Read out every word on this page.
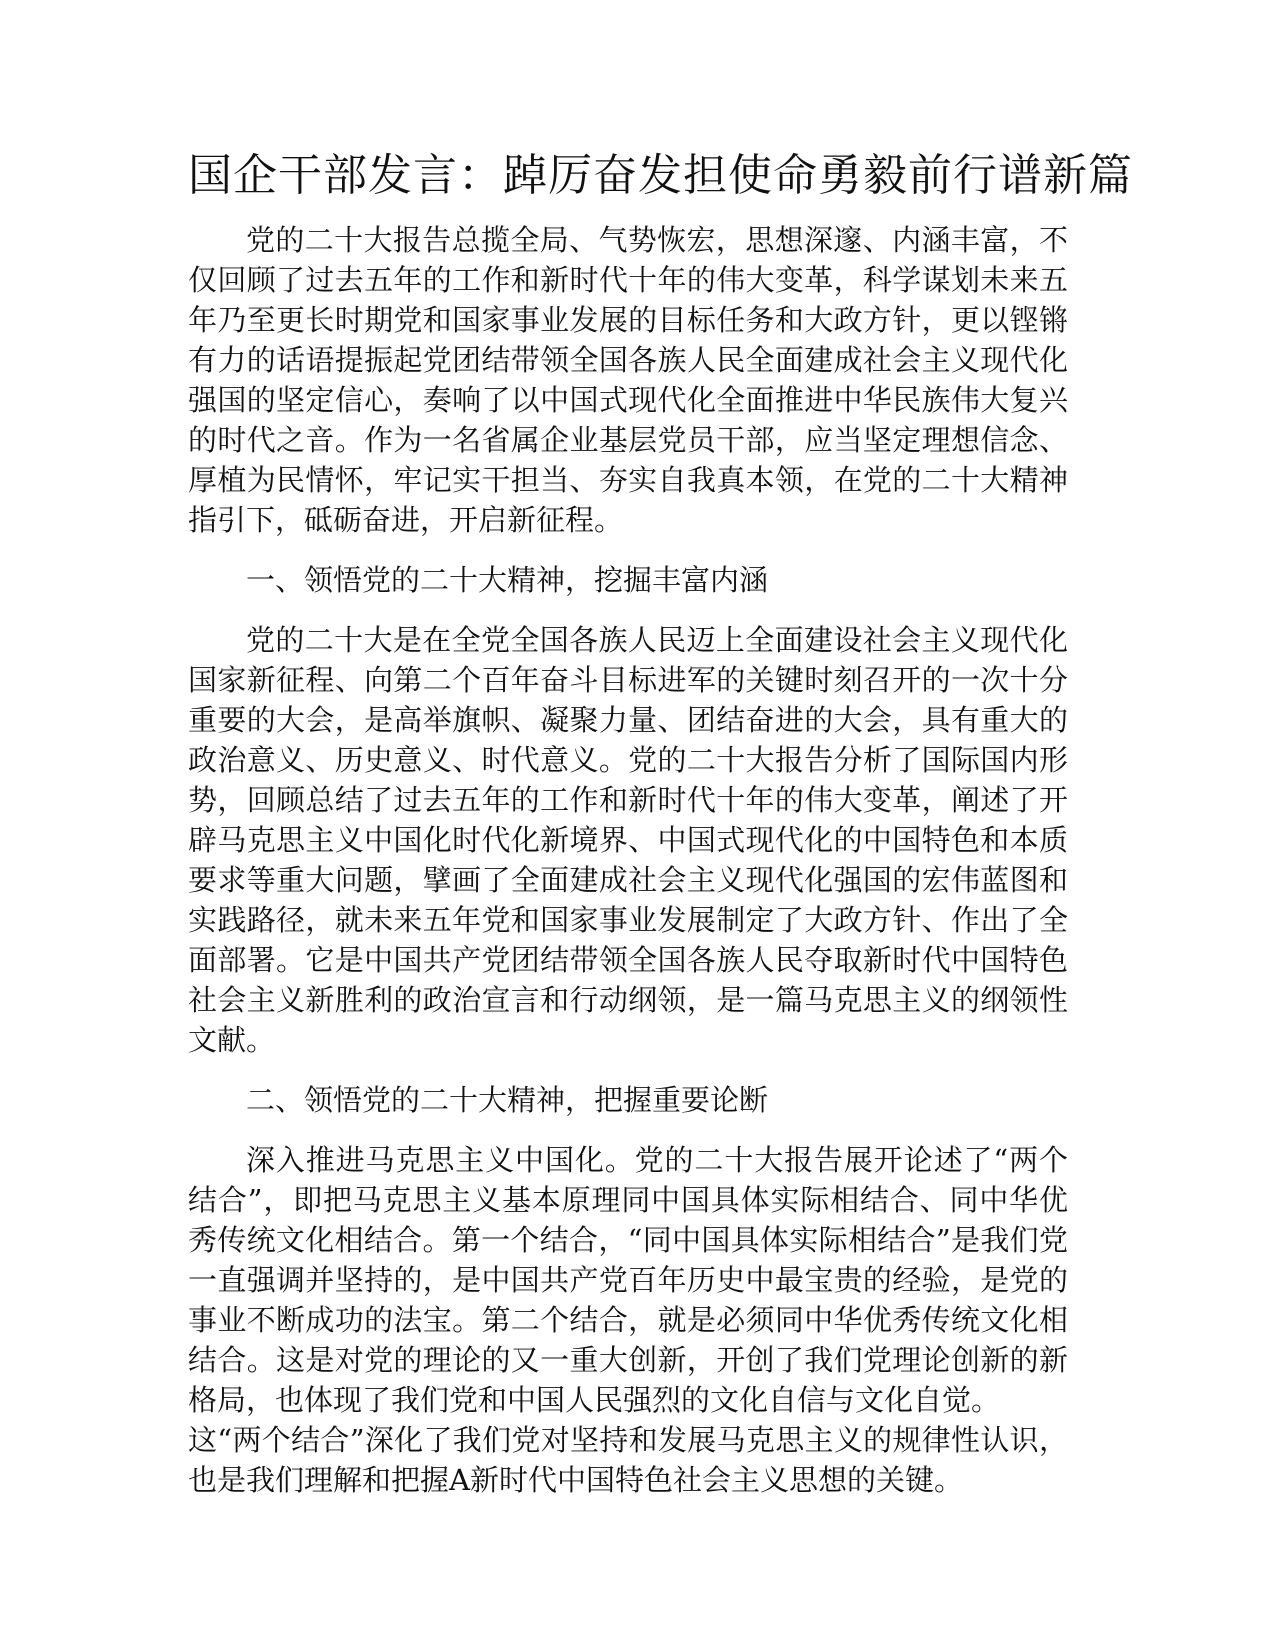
国企干部发言：踔厉奋发担使命勇毅前行谱新篇

党的二十大报告总揽全局、气势恢宏，思想深邃、内涵丰富，不仅回顾了过去五年的工作和新时代十年的伟大变革，科学谋划未来五年乃至更长时期党和国家事业发展的目标任务和大政方针，更以铿锵有力的话语提振起党团结带领全国各族人民全面建成社会主义现代化强国的坚定信心，奏响了以中国式现代化全面推进中华民族伟大复兴的时代之音。作为一名省属企业基层党员干部，应当坚定理想信念、厚植为民情怀，牢记实干担当、夯实自我真本领，在党的二十大精神指引下，砥砺奋进，开启新征程。

一、领悟党的二十大精神，挖掘丰富内涵

党的二十大是在全党全国各族人民迈上全面建设社会主义现代化国家新征程、向第二个百年奋斗目标进军的关键时刻召开的一次十分重要的大会，是高举旗帜、凝聚力量、团结奋进的大会，具有重大的政治意义、历史意义、时代意义。党的二十大报告分析了国际国内形势，回顾总结了过去五年的工作和新时代十年的伟大变革，阐述了开辟马克思主义中国化时代化新境界、中国式现代化的中国特色和本质要求等重大问题，擘画了全面建成社会主义现代化强国的宏伟蓝图和实践路径，就未来五年党和国家事业发展制定了大政方针、作出了全面部署。它是中国共产党团结带领全国各族人民夺取新时代中国特色社会主义新胜利的政治宣言和行动纲领，是一篇马克思主义的纲领性文献。

二、领悟党的二十大精神，把握重要论断

深入推进马克思主义中国化。党的二十大报告展开论述了“两个结合”，即把马克思主义基本原理同中国具体实际相结合、同中华优秀传统文化相结合。第一个结合，“同中国具体实际相结合”是我们党一直强调并坚持的，是中国共产党百年历史中最宝贵的经验，是党的事业不断成功的法宝。第二个结合，就是必须同中华优秀传统文化相结合。这是对党的理论的又一重大创新，开创了我们党理论创新的新格局，也体现了我们党和中国人民强烈的文化自信与文化自觉。

这“两个结合”深化了我们党对坚持和发展马克思主义的规律性认识，也是我们理解和把握A新时代中国特色社会主义思想的关键。
